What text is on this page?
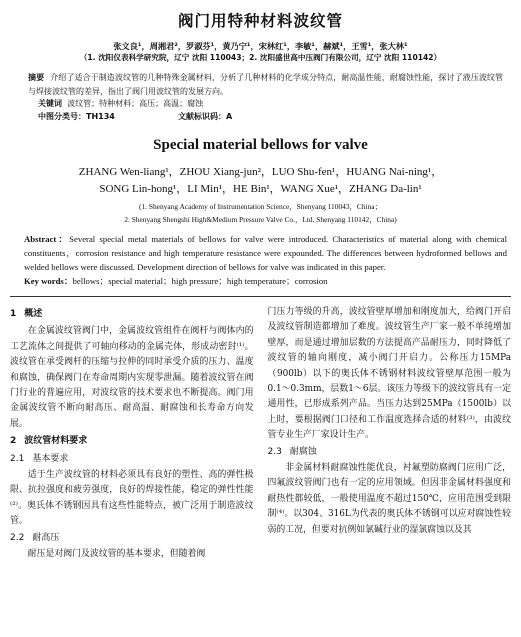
阀门用特种材料波纹管
张文良¹，周湘君²，罗淑芬¹，黄乃宁¹，宋林红¹，李敏¹，赫斌¹，王雪¹，张大林¹
（1. 沈阳仪表科学研究院，辽宁 沈阳 110043；2. 沈阳盛世高中压阀门有限公司，辽宁 沈阳 110142）
摘要 介绍了适合于制造波纹管的几种特殊金属材料，分析了几种材料的化学成分特点，耐高温性能，耐腐蚀性能，探讨了液压波纹管与焊接波纹管的差异，指出了阀门用波纹管的发展方向。
关键词 波纹管；特种材料；高压；高温；腐蚀
中图分类号：TH134	文献标识码：A
Special material bellows for valve
ZHANG Wen-liang¹，ZHOU Xiang-jun²，LUO Shu-fen¹，HUANG Nai-ning¹，
SONG Lin-hong¹，LI Min¹，HE Bin¹，WANG Xue¹，ZHANG Da-lin¹
(1. Shenyang Academy of Instrumentation Science，Shenyang 110043，China；
2. Shenyang Shengshi High&Medium Pressure Valve Co.，Ltd. Shenyang 110142，China)
Abstract：Several special metal materials of bellows for valve were introduced. Characteristics of material along with chemical constituents，corrosion resistance and high temperature resistance were expounded. The differences between hydroformed bellows and welded bellows were discussed. Development direction of bellows for valve was indicated in this paper.
Key words：bellows；special material；high pressure；high temperature；corrosion
1 概述

在金属波纹管阀门中，金属波纹管组件在阀杆与阀体内的工艺流体之间提供了可轴向移动的金属壳体，形成动密封⁽¹⁾。波纹管在承受阀杆的压缩与拉伸的同时承受介质的压力、温度和腐蚀，确保阀门在寿命周期内实现零泄漏。随着波纹管在阀门行业的普遍应用，对波纹管的技术要求也不断提高。阀门用金属波纹管不断向耐高压、耐高温、耐腐蚀和长寿命方向发展。

2 波纹管材料要求
2.1 基本要求

适于生产波纹管的材料必须具有良好的塑性、高的弹性极限、抗拉强度和疲劳强度，良好的焊接性能，稳定的弹性性能⁽²⁾。奥氏体不锈钢因具有这些性能特点，被广泛用于制造波纹管。

2.2 耐高压

耐压是对阀门及波纹管的基本要求，但随着阀

门压力等级的升高，波纹管壁厚增加和刚度加大，给阀门开启及波纹管制造都增加了难度。波纹管生产厂家一般不单纯增加壁厚，而是通过增加层数的方法提高产品耐压力，同时降低了波纹管的轴向刚度，减小阀门开启力。公称压力15MPa（900lb）以下的奥氏体不锈钢材料波纹管壁厚范围一般为0.1～0.3mm，层数1～6层。该压力等级下的波纹管具有一定通用性，已形成系列产品。当压力达到25MPa（1500lb）以上时，要根据阀门口径和工作温度选择合适的材料⁽³⁾，由波纹管专业生产厂家设计生产。

2.3 耐腐蚀

非金属材料耐腐蚀性能优良，衬氟塑防腐阀门应用广泛，四氟波纹管阀门也有一定的应用领域。但因非金属材料强度和耐热性都较低，一般使用温度不超过150℃，应用范围受到限制⁽⁴⁾。以304、316L为代表的奥氏体不锈钢可以应对腐蚀性较弱的工况，但要对抗例如氯碱行业的湿氯腐蚀以及其
